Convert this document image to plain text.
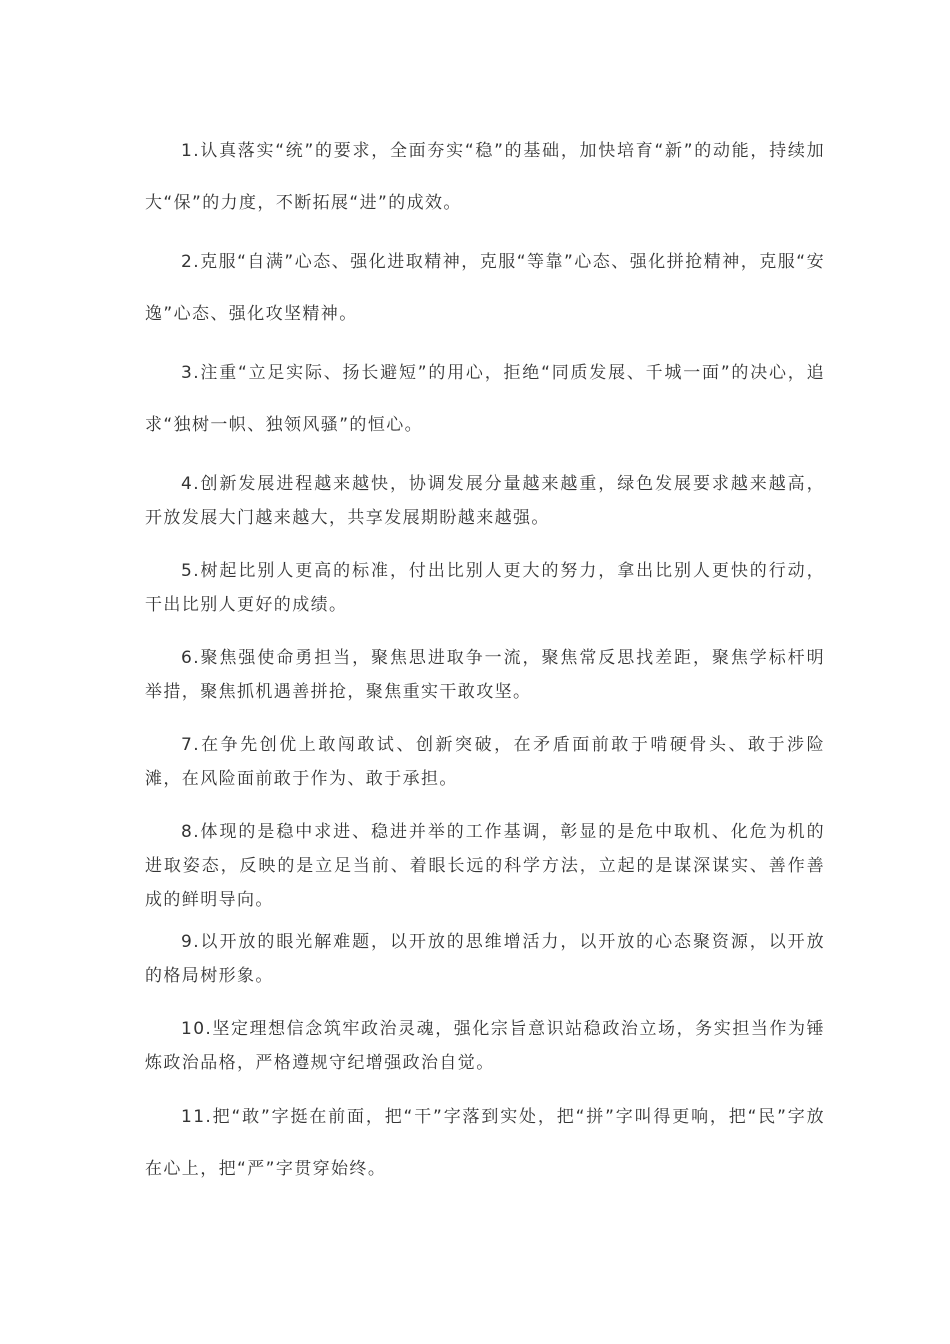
1.认真落实“统”的要求，全面夯实“稳”的基础，加快培育“新”的动能，持续加大“保”的力度，不断拓展“进”的成效。

2.克服“自满”心态、强化进取精神，克服“等靠”心态、强化拼抢精神，克服“安逸”心态、强化攻坚精神。

3.注重“立足实际、扬长避短”的用心，拒绝“同质发展、千城一面”的决心，追求“独树一帜、独领风骚”的恒心。

4.创新发展进程越来越快，协调发展分量越来越重，绿色发展要求越来越高，开放发展大门越来越大，共享发展期盼越来越强。

5.树起比别人更高的标准，付出比别人更大的努力，拿出比别人更快的行动，干出比别人更好的成绩。

6.聚焦强使命勇担当，聚焦思进取争一流，聚焦常反思找差距，聚焦学标杆明举措，聚焦抓机遇善拼抢，聚焦重实干敢攻坚。

7.在争先创优上敢闯敢试、创新突破，在矛盾面前敢于啃硬骨头、敢于涉险滩，在风险面前敢于作为、敢于承担。

8.体现的是稳中求进、稳进并举的工作基调，彰显的是危中取机、化危为机的进取姿态，反映的是立足当前、着眼长远的科学方法，立起的是谋深谋实、善作善成的鲜明导向。

9.以开放的眼光解难题，以开放的思维增活力，以开放的心态聚资源，以开放的格局树形象。

10.坚定理想信念筑牢政治灵魂，强化宗旨意识站稳政治立场，务实担当作为锤炼政治品格，严格遵规守纪增强政治自觉。

11.把“敢”字挺在前面，把“干”字落到实处，把“拼”字叫得更响，把“民”字放在心上，把“严”字贯穿始终。
